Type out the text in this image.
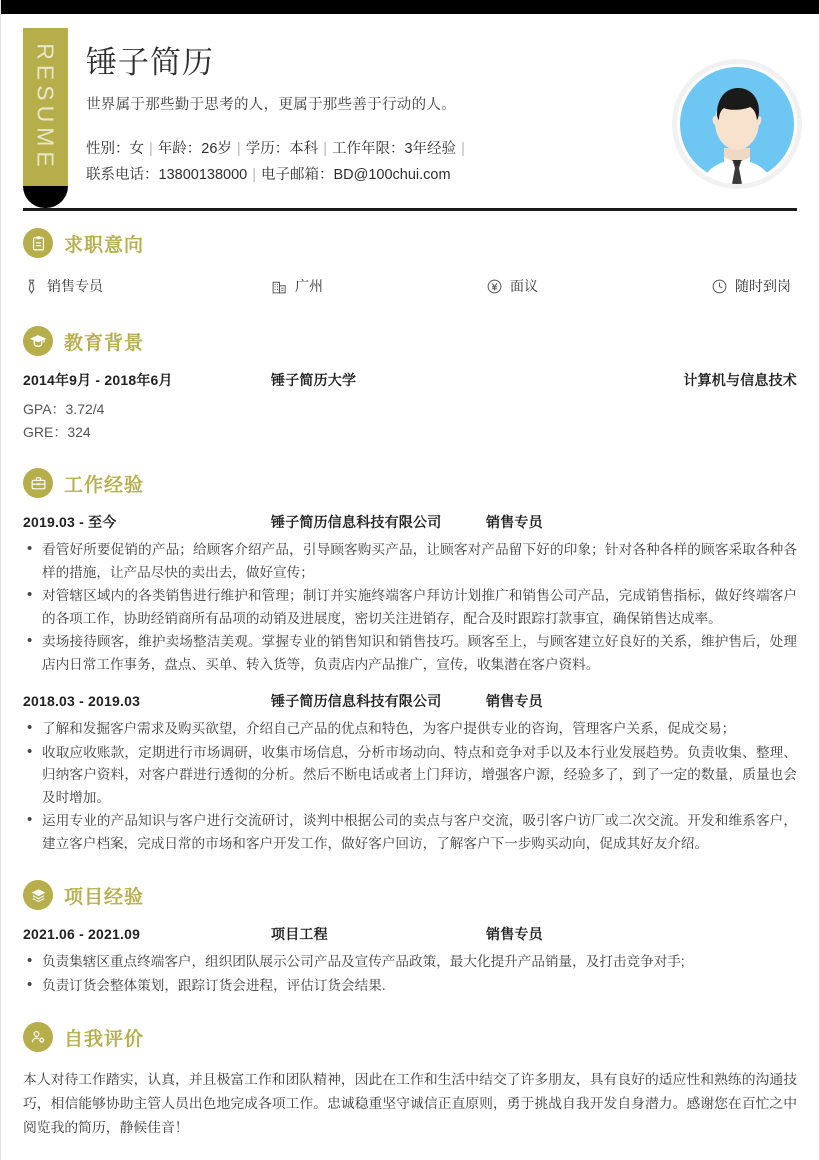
RESUME 锤子简历
世界属于那些勤于思考的人，更属于那些善于行动的人。
性别：女 | 年龄：26岁 | 学历：本科 | 工作年限：3年经验 |
联系电话：13800138000 | 电子邮箱：BD@100chui.com
求职意向
销售专员	广州	面议	随时到岗
教育背景
2014年9月 - 2018年6月	锤子简历大学	计算机与信息技术
GPA：3.72/4
GRE：324
工作经验
2019.03 - 至今	锤子简历信息科技有限公司	销售专员
• 看管好所要促销的产品；给顾客介绍产品，引导顾客购买产品，让顾客对产品留下好的印象；针对各种各样的顾客采取各种各样的措施，让产品尽快的卖出去，做好宣传；
• 对管辖区域内的各类销售进行维护和管理；制订并实施终端客户拜访计划推广和销售公司产品，完成销售指标，做好终端客户的各项工作，协助经销商所有品项的动销及进展度，密切关注进销存，配合及时跟踪打款事宜，确保销售达成率。
• 卖场接待顾客，维护卖场整洁美观。掌握专业的销售知识和销售技巧。顾客至上，与顾客建立好良好的关系，维护售后，处理店内日常工作事务，盘点、买单、转入货等，负责店内产品推广，宣传，收集潜在客户资料。
2018.03 - 2019.03	锤子简历信息科技有限公司	销售专员
• 了解和发掘客户需求及购买欲望，介绍自己产品的优点和特色，为客户提供专业的咨询，管理客户关系，促成交易；
• 收取应收账款，定期进行市场调研，收集市场信息，分析市场动向、特点和竞争对手以及本行业发展趋势。负责收集、整理、 归纳客户资料，对客户群进行透彻的分析。然后不断电话或者上门拜访，增强客户源，经验多了，到了一定的数量，质量也会及时增加。
• 运用专业的产品知识与客户进行交流研讨，谈判中根据公司的卖点与客户交流，吸引客户访厂或二次交流。开发和维系客户，建立客户档案，完成日常的市场和客户开发工作，做好客户回访，了解客户下一步购买动向，促成其好友介绍。
项目经验
2021.06 - 2021.09	项目工程	销售专员
• 负责集辖区重点终端客户，组织团队展示公司产品及宣传产品政策，最大化提升产品销量，及打击竞争对手;
• 负责订货会整体策划，跟踪订货会进程，评估订货会结果.
自我评价
本人对待工作踏实，认真，并且极富工作和团队精神，因此在工作和生活中结交了许多朋友，具有良好的适应性和熟练的沟通技巧，相信能够协助主管人员出色地完成各项工作。忠诚稳重坚守诚信正直原则，勇于挑战自我开发自身潜力。感谢您在百忙之中阅览我的简历，静候佳音！
